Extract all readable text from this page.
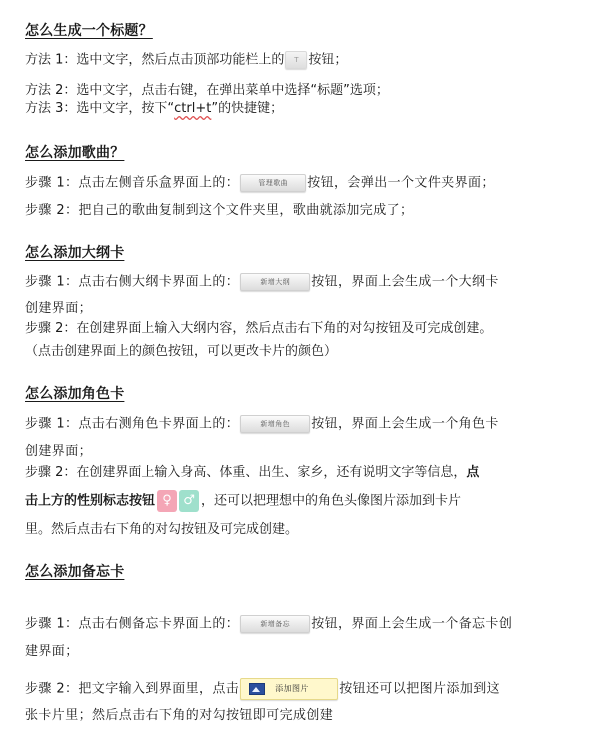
怎么生成一个标题？
方法 1：选中文字，然后点击顶部功能栏上的 T 按钮；
方法 2：选中文字，点击右键，在弹出菜单中选择“标题”选项；
方法 3：选中文字，按下“ctrl+t”的快捷键；
怎么添加歌曲？
步骤 1：点击左侧音乐盒界面上的：	管理歌曲 按钮，会弹出一个文件夹界面；
步骤 2：把自己的歌曲复制到这个文件夹里，歌曲就添加完成了；
怎么添加大纲卡
步骤 1：点击右侧大纲卡界面上的：	新增大纲 按钮，界面上会生成一个大纲卡
创建界面；
步骤 2：在创建界面上输入大纲内容，然后点击右下角的对勾按钮及可完成创建。
（点击创建界面上的颜色按钮，可以更改卡片的颜色）
怎么添加角色卡
步骤 1：点击右测角色卡界面上的：	新增角色 按钮，界面上会生成一个角色卡
创建界面；
步骤 2：在创建界面上输入身高、体重、出生、家乡，还有说明文字等信息，点
击上方的性别标志按钮 ♀ ♂ ，还可以把理想中的角色头像图片添加到卡片
里。然后点击右下角的对勾按钮及可完成创建。
怎么添加备忘卡
步骤 1：点击右侧备忘卡界面上的：	新增备忘 按钮，界面上会生成一个备忘卡创
建界面；
步骤 2：把文字输入到界面里，点击	添加图片 按钮还可以把图片添加到这
张卡片里；然后点击右下角的对勾按钮即可完成创建
